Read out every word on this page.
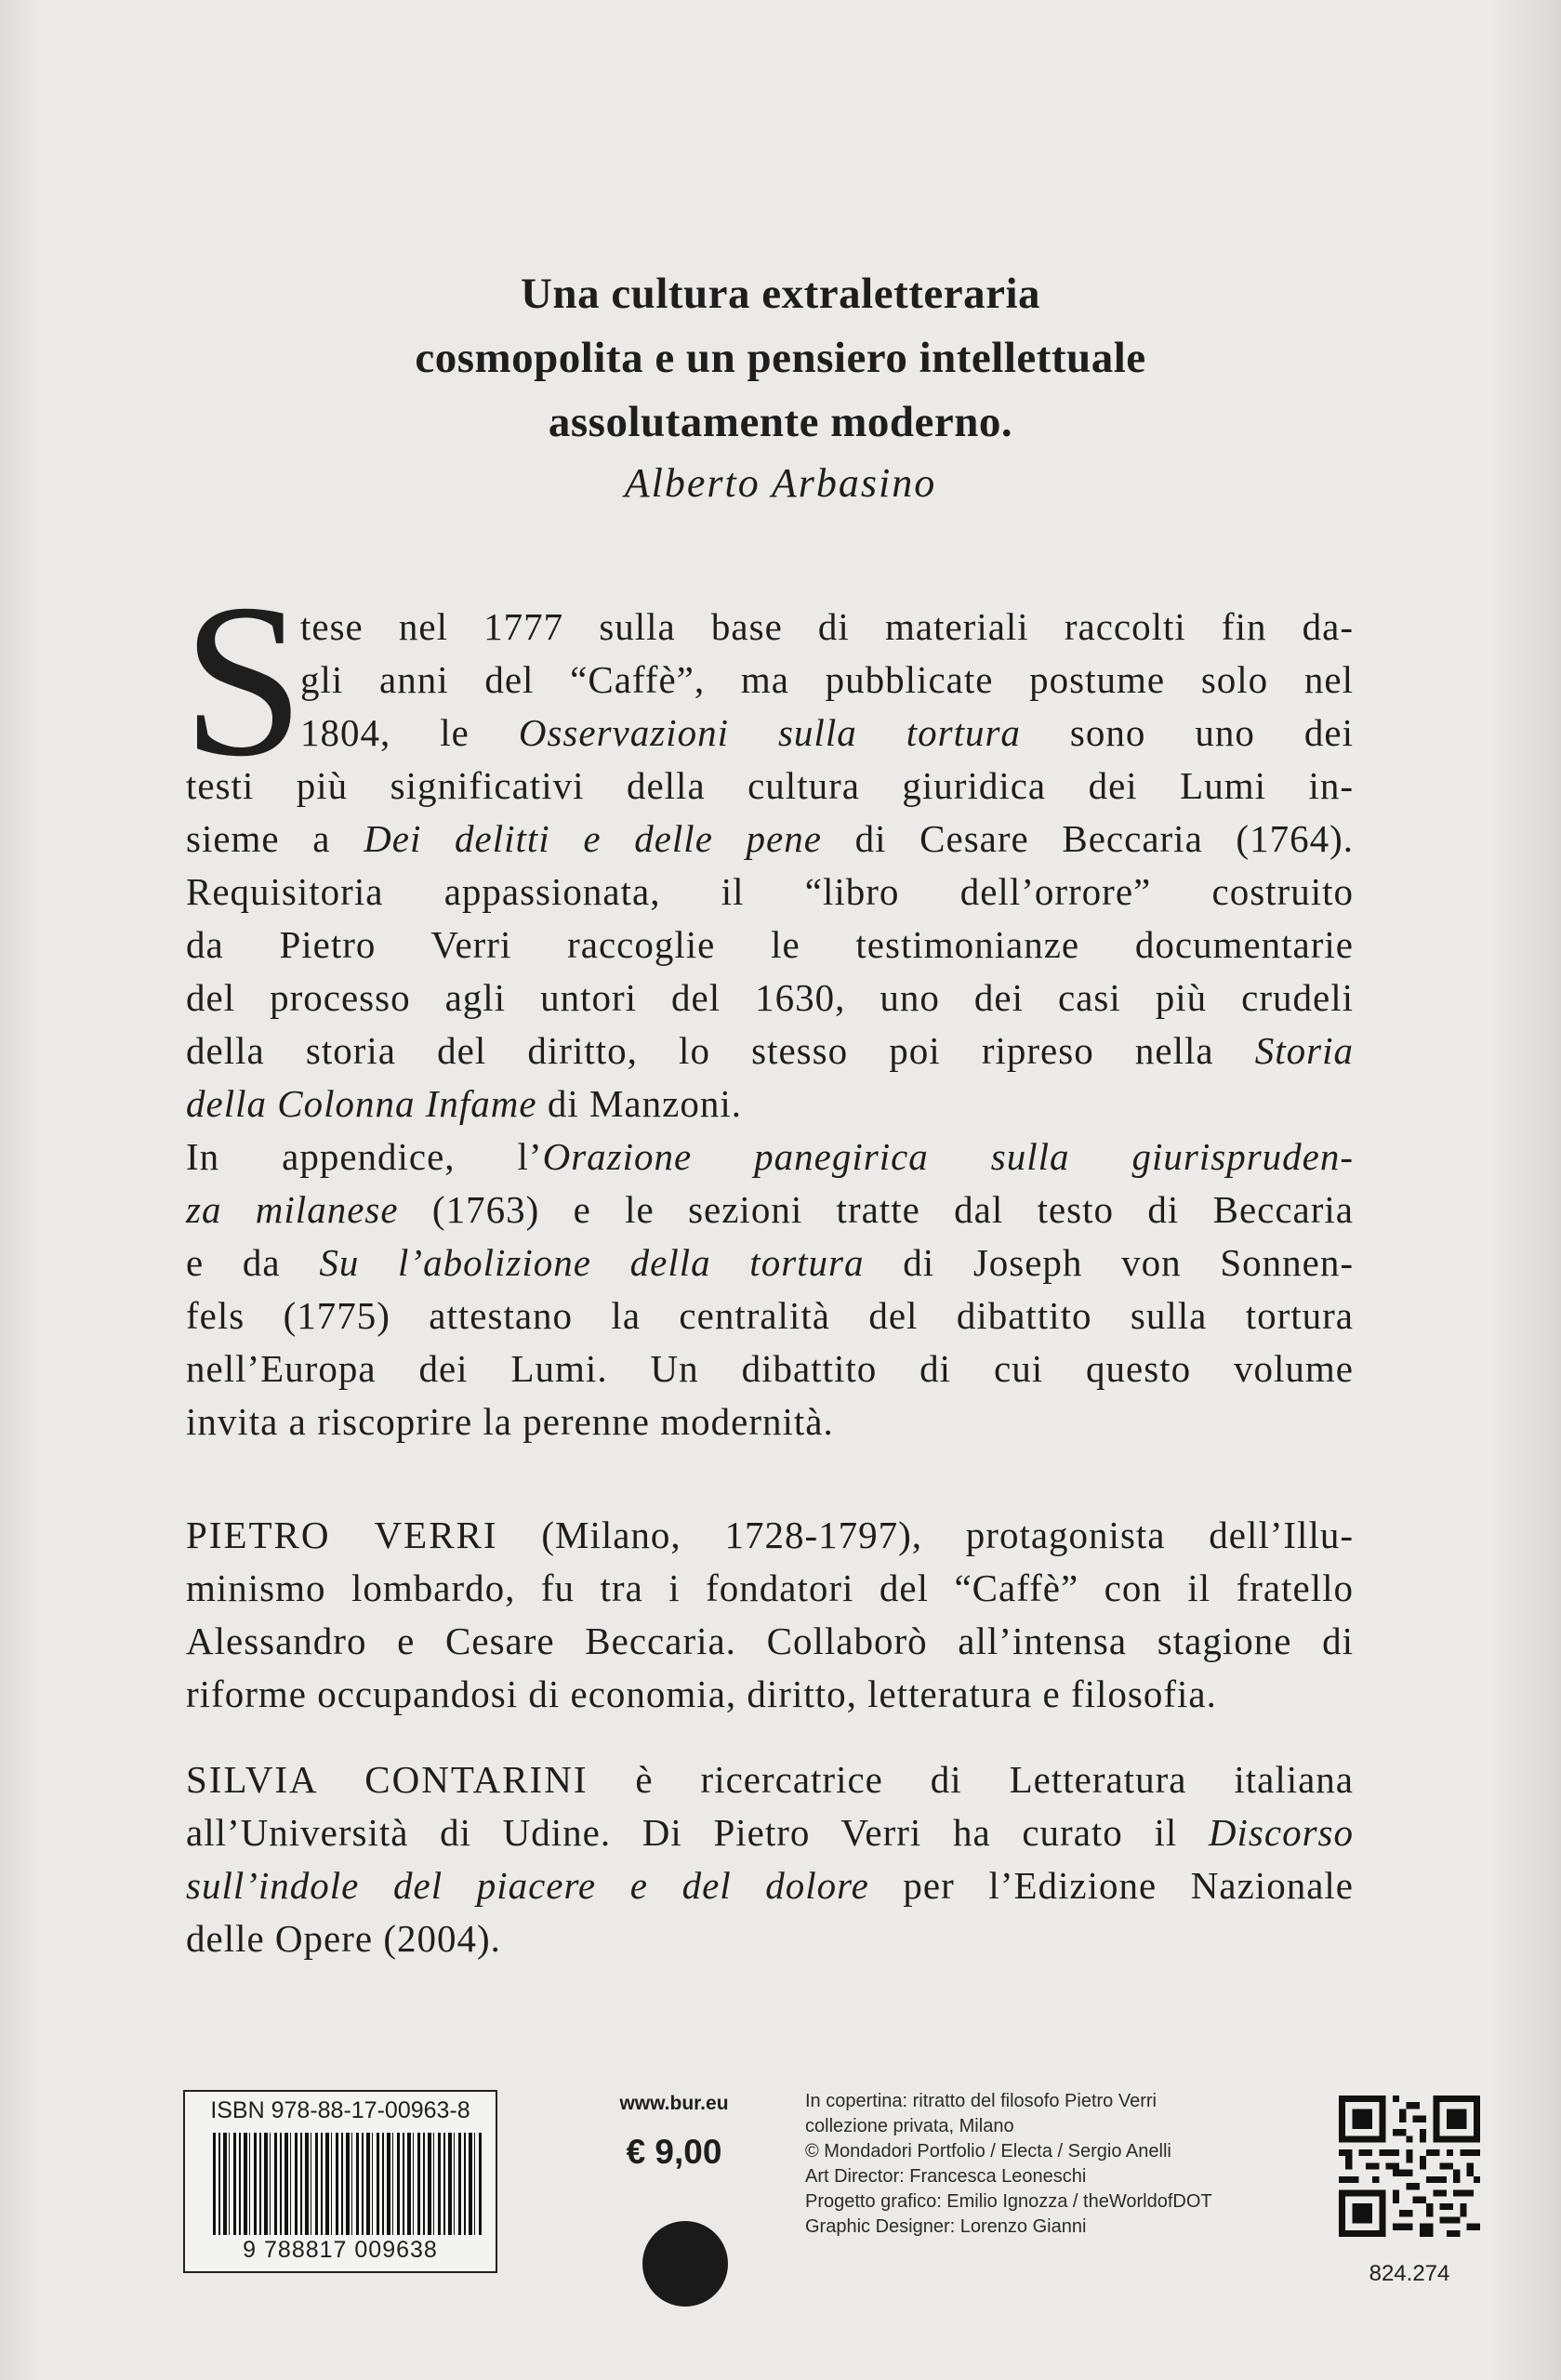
Una cultura extraletteraria
cosmopolita e un pensiero intellettuale
assolutamente moderno.
Alberto Arbasino
S
tese nel 1777 sulla base di materiali raccolti fin da-
gli anni del “Caffè”, ma pubblicate postume solo nel
1804, le Osservazioni sulla tortura sono uno dei
testi più significativi della cultura giuridica dei Lumi in-
sieme a Dei delitti e delle pene di Cesare Beccaria (1764).
Requisitoria appassionata, il “libro dell’orrore” costruito
da Pietro Verri raccoglie le testimonianze documentarie
del processo agli untori del 1630, uno dei casi più crudeli
della storia del diritto, lo stesso poi ripreso nella Storia
della Colonna Infame di Manzoni.
In appendice, l’Orazione panegirica sulla giurispruden-
za milanese (1763) e le sezioni tratte dal testo di Beccaria
e da Su l’abolizione della tortura di Joseph von Sonnen-
fels (1775) attestano la centralità del dibattito sulla tortura
nell’Europa dei Lumi. Un dibattito di cui questo volume
invita a riscoprire la perenne modernità.
PIETRO VERRI (Milano, 1728-1797), protagonista dell’Illu-
minismo lombardo, fu tra i fondatori del “Caffè” con il fratello
Alessandro e Cesare Beccaria. Collaborò all’intensa stagione di
riforme occupandosi di economia, diritto, letteratura e filosofia.
SILVIA CONTARINI è ricercatrice di Letteratura italiana
all’Università di Udine. Di Pietro Verri ha curato il Discorso
sull’indole del piacere e del dolore per l’Edizione Nazionale
delle Opere (2004).
ISBN 978-88-17-00963-8
9 788817 009638
www.bur.eu
€ 9,00
In copertina: ritratto del filosofo Pietro Verri
collezione privata, Milano
© Mondadori Portfolio / Electa / Sergio Anelli
Art Director: Francesca Leoneschi
Progetto grafico: Emilio Ignozza / theWorldofDOT
Graphic Designer: Lorenzo Gianni
824.274
